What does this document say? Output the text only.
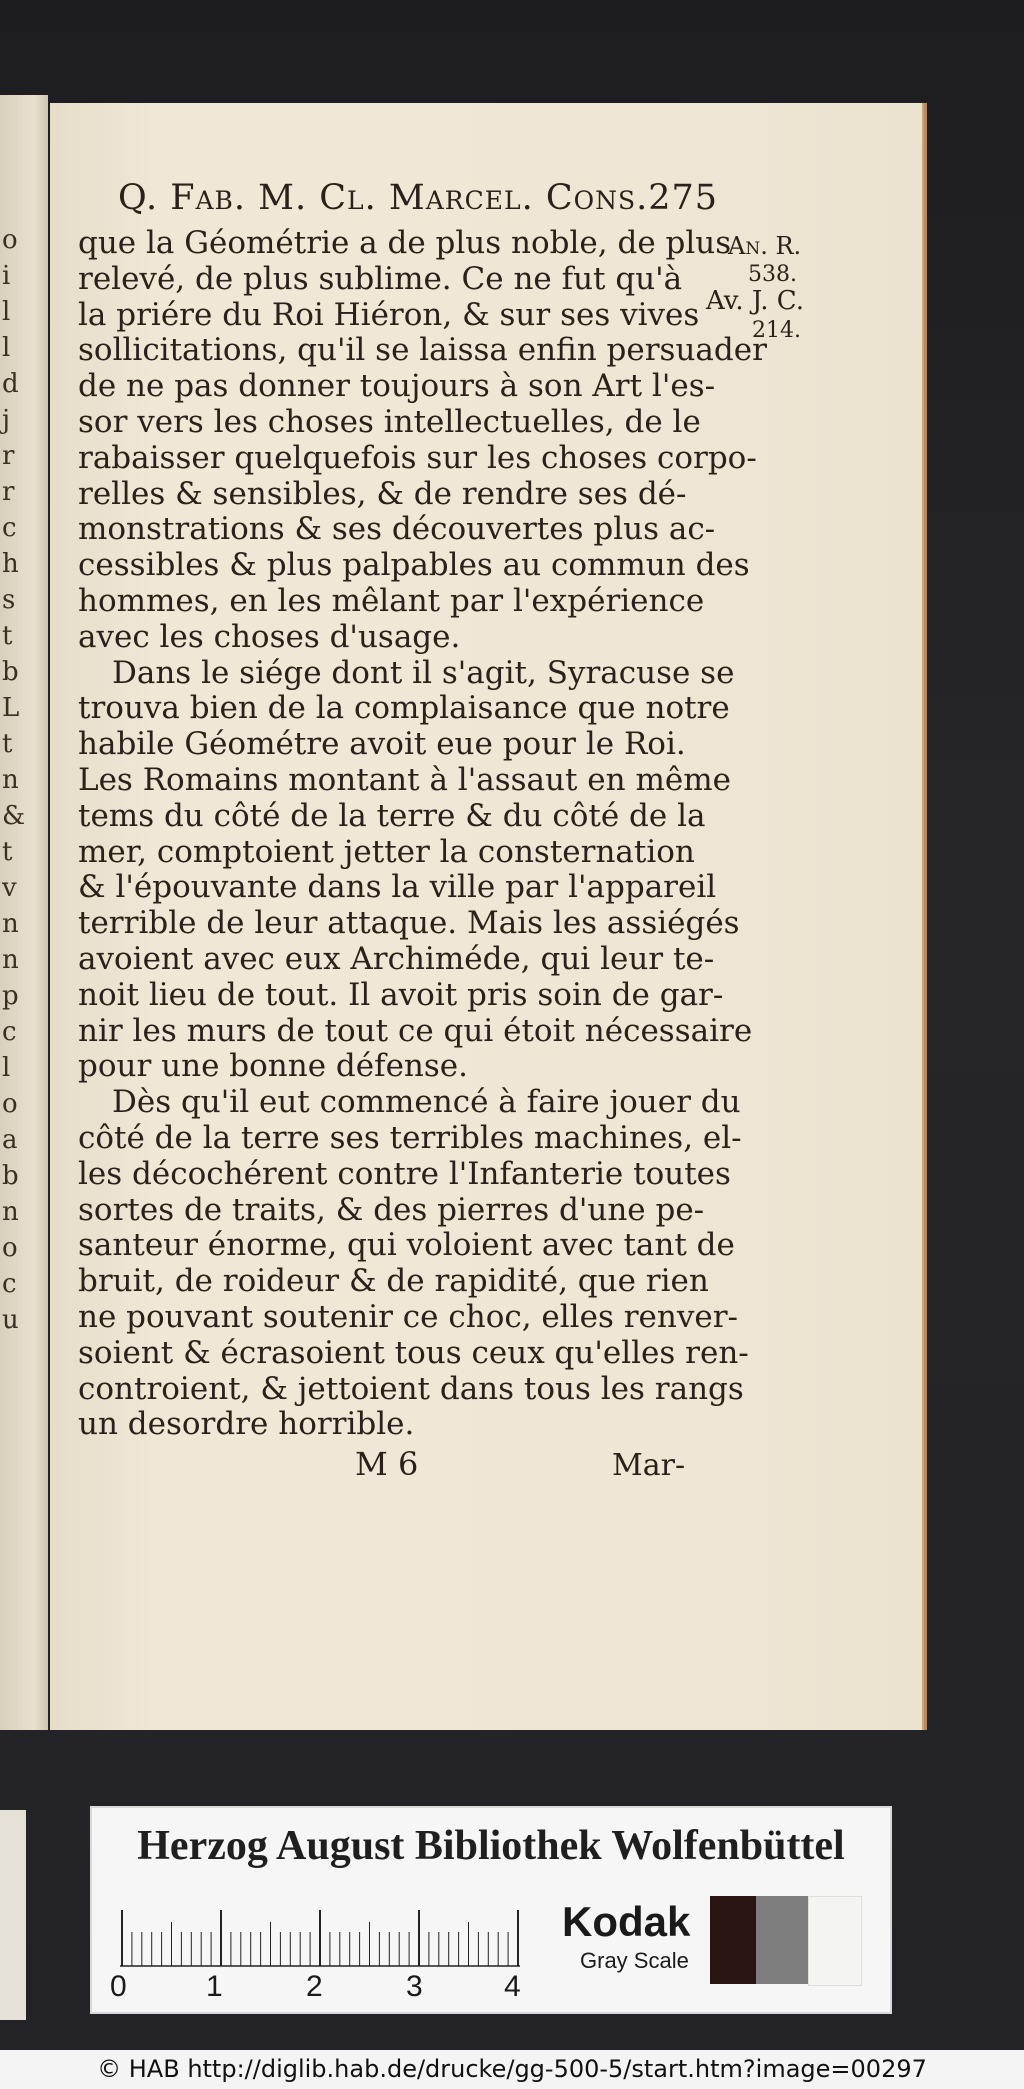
o
i
l
l
d
j
r
r
c
h
s
t
b
L
t
n
&
t
v
n
n
p
c
l
o
a
b
n
o
c
u
Q. Fab. M. Cl. Marcel. Cons. 275
An. R.
538.
Av. J. C.
214.
que la Géométrie a de plus noble, de plus
relevé, de plus sublime. Ce ne fut qu'à
la priére du Roi Hiéron, & sur ses vives
sollicitations, qu'il se laissa enfin persuader
de ne pas donner toujours à son Art l'es-
sor vers les choses intellectuelles, de le
rabaisser quelquefois sur les choses corpo-
relles & sensibles, & de rendre ses dé-
monstrations & ses découvertes plus ac-
cessibles & plus palpables au commun des
hommes, en les mêlant par l'expérience
avec les choses d'usage.
Dans le siége dont il s'agit, Syracuse se
trouva bien de la complaisance que notre
habile Géométre avoit eue pour le Roi.
Les Romains montant à l'assaut en même
tems du côté de la terre & du côté de la
mer, comptoient jetter la consternation
& l'épouvante dans la ville par l'appareil
terrible de leur attaque. Mais les assiégés
avoient avec eux Archiméde, qui leur te-
noit lieu de tout. Il avoit pris soin de gar-
nir les murs de tout ce qui étoit nécessaire
pour une bonne défense.
Dès qu'il eut commencé à faire jouer du
côté de la terre ses terribles machines, el-
les décochérent contre l'Infanterie toutes
sortes de traits, & des pierres d'une pe-
santeur énorme, qui voloient avec tant de
bruit, de roideur & de rapidité, que rien
ne pouvant soutenir ce choc, elles renver-
soient & écrasoient tous ceux qu'elles ren-
controient, & jettoient dans tous les rangs
un desordre horrible.
M 6	Mar-
Herzog August Bibliothek Wolfenbüttel
0	1	2	3	4
Kodak
Gray Scale
© HAB http://diglib.hab.de/drucke/gg-500-5/start.htm?image=00297
